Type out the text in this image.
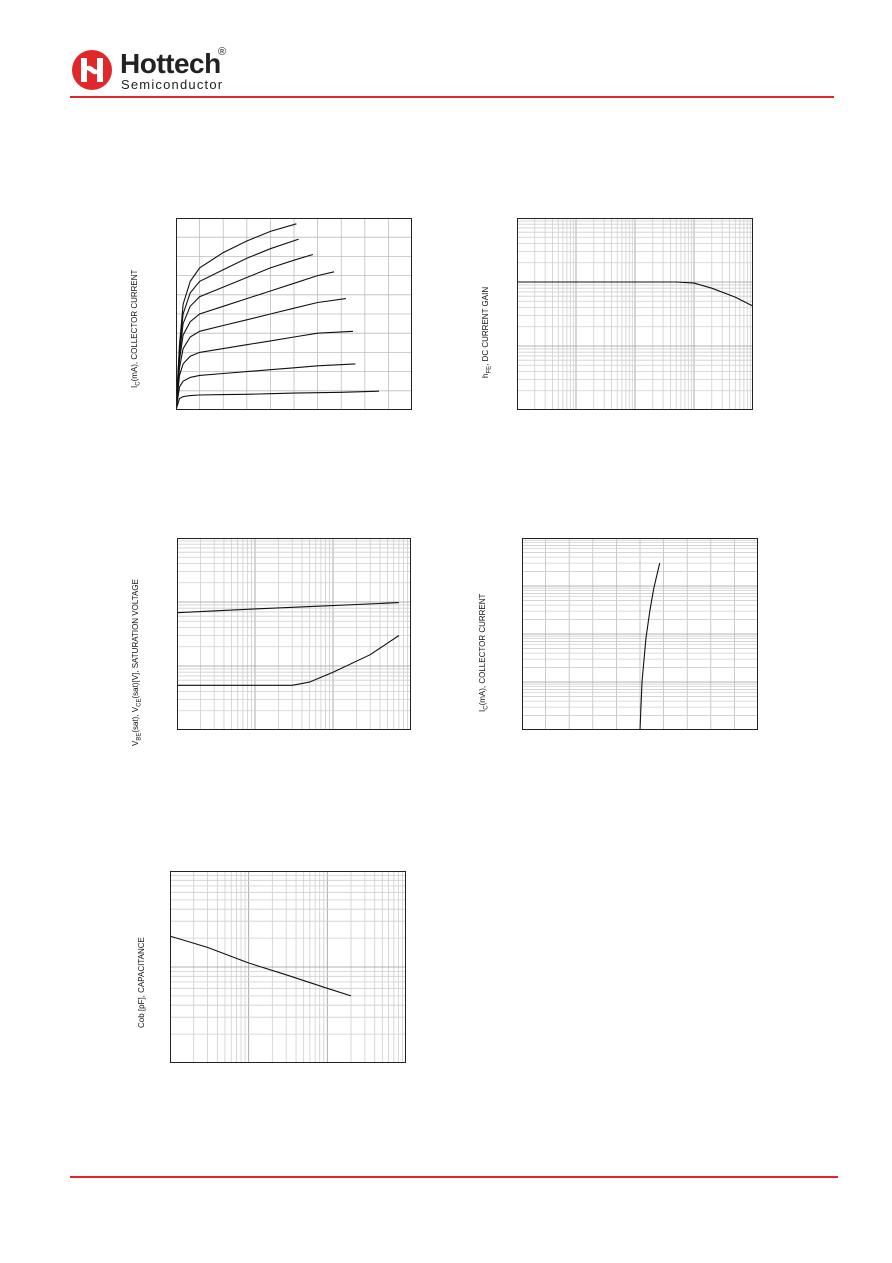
Hottech
®
Semiconductor
$I_C(mA)$, COLLECTOR CURRENT	$h_{FE}$, DC CURRENT GAIN
$V_{BE}(sat)$, $V_{CE}(sat)[V]$, SATURATION VOLTAGE
$I_C(mA)$, COLLECTOR CURRENT
Cob [pF], CAPACITANCE
